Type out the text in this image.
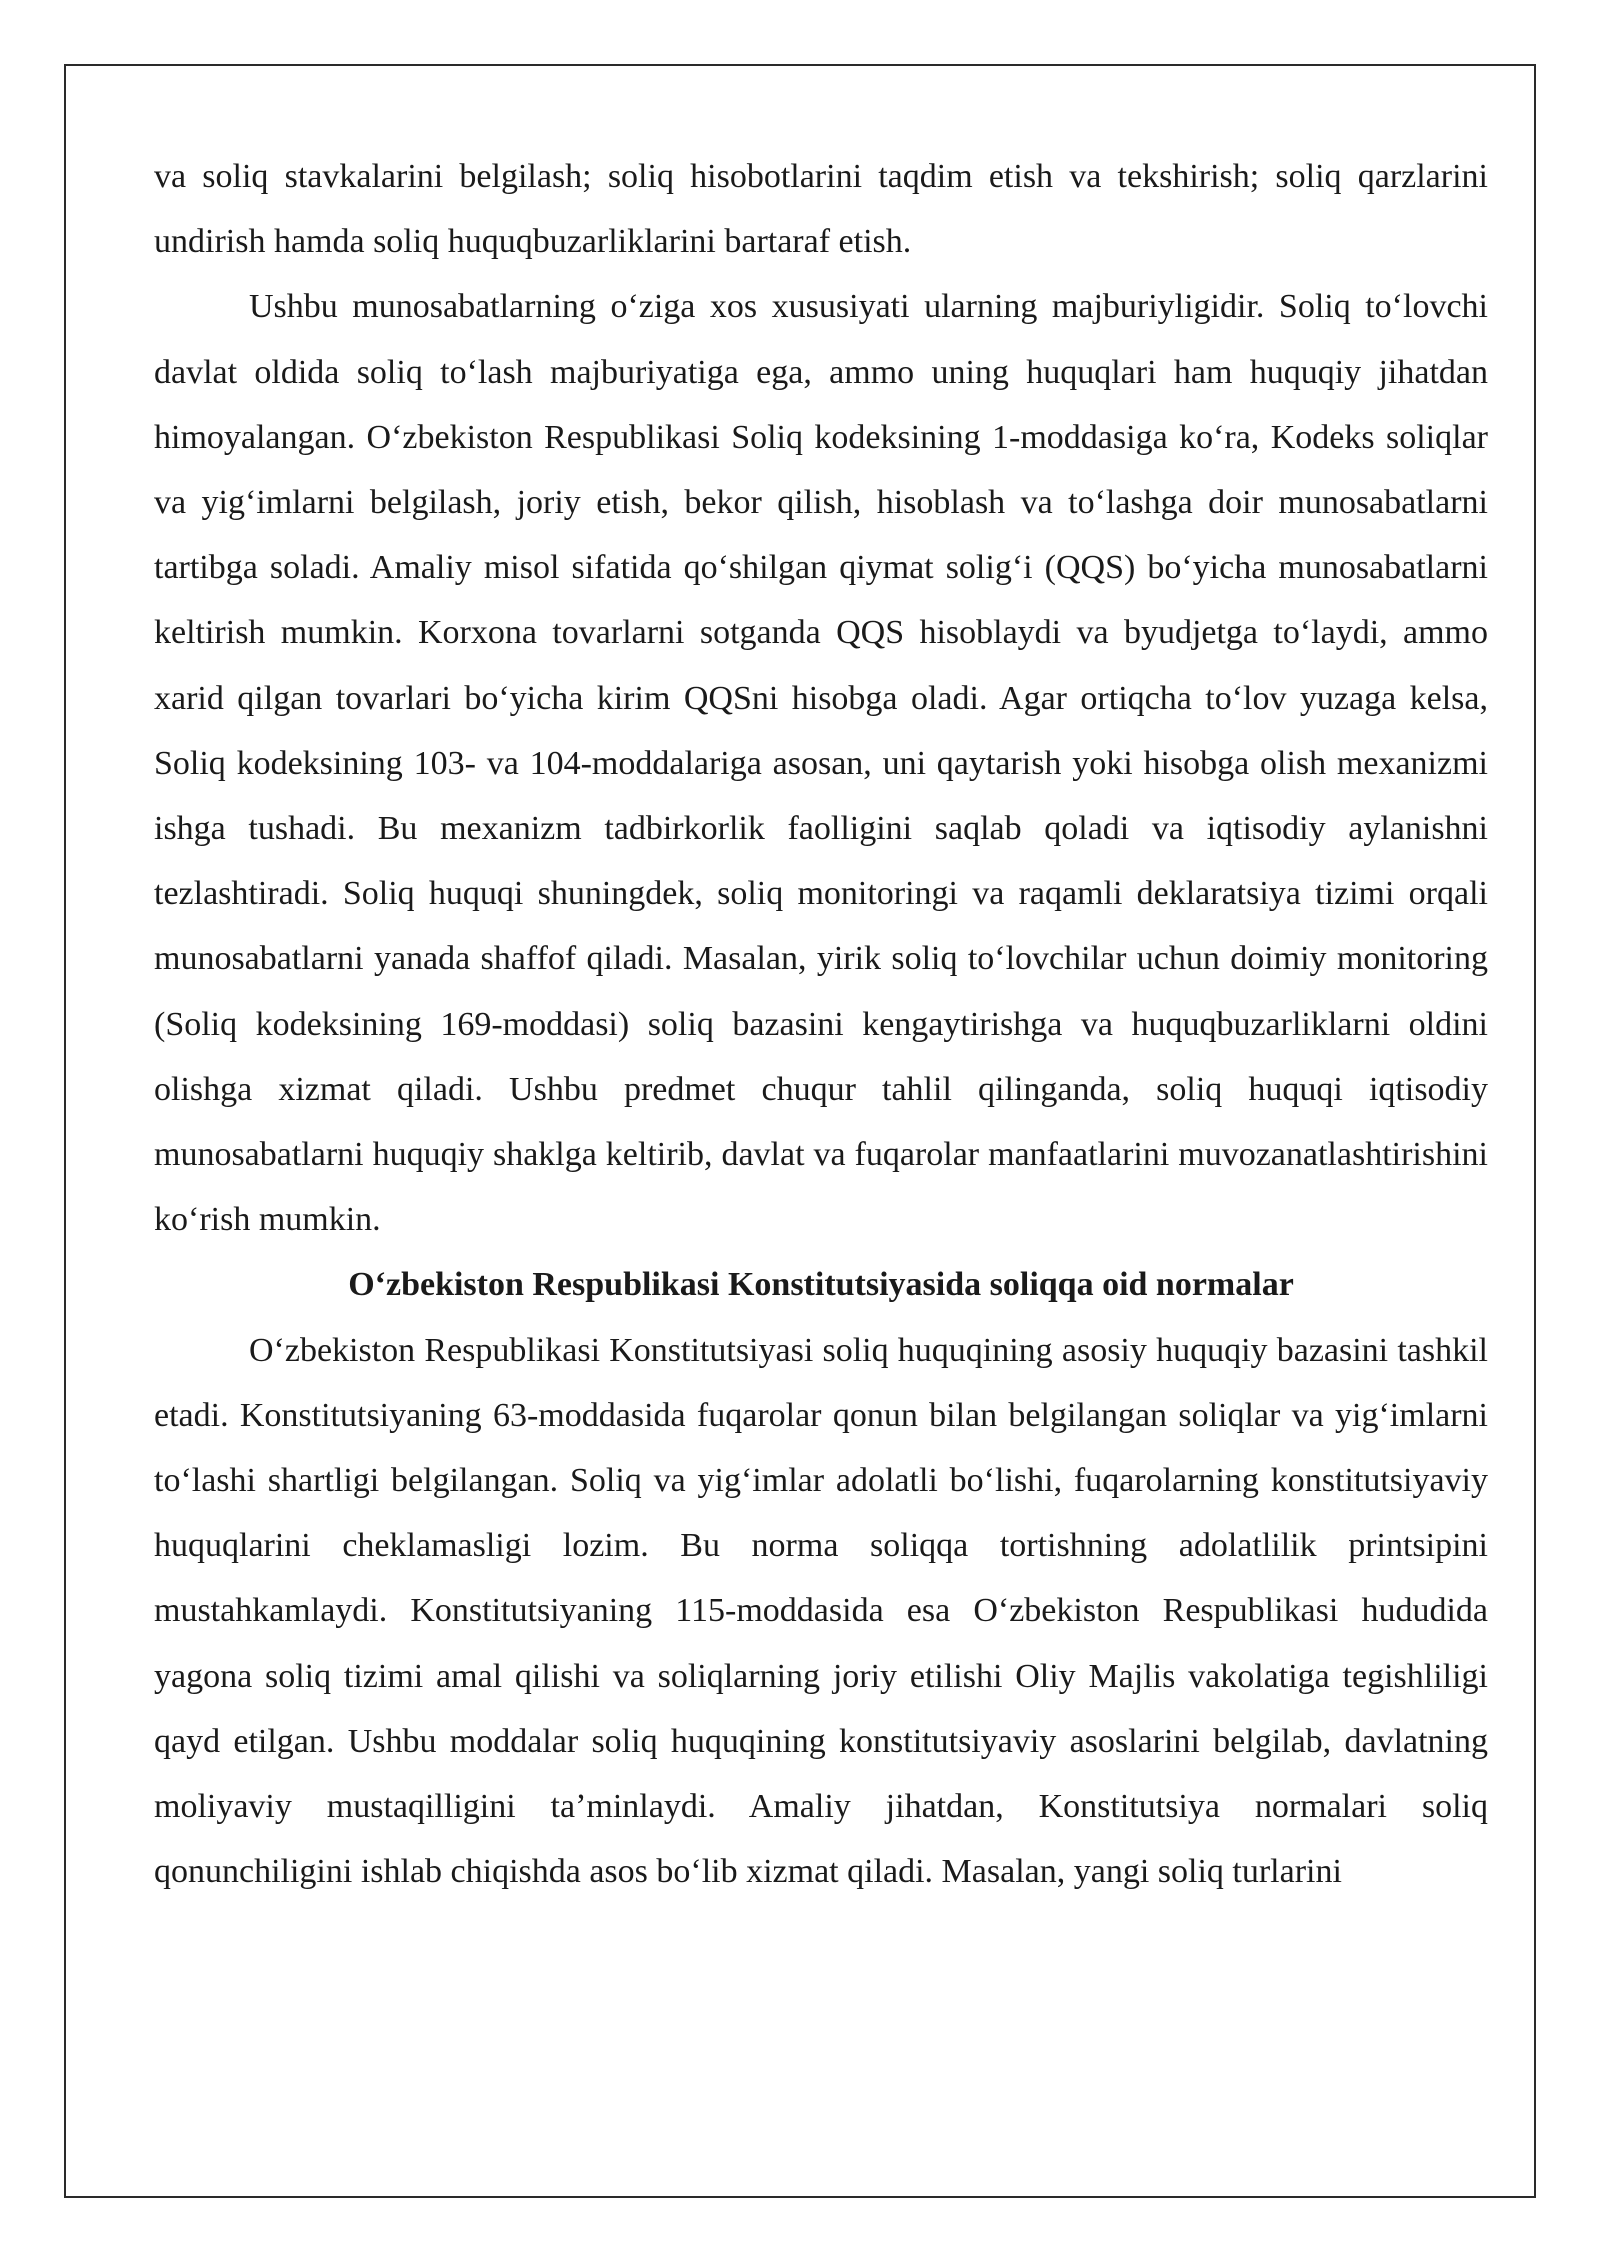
va soliq stavkalarini belgilash; soliq hisobotlarini taqdim etish va tekshirish; soliq qarzlarini undirish hamda soliq huquqbuzarliklarini bartaraf etish.

Ushbu munosabatlarning oʻziga xos xususiyati ularning majburiyligidir. Soliq toʻlovchi davlat oldida soliq toʻlash majburiyatiga ega, ammo uning huquqlari ham huquqiy jihatdan himoyalangan. Oʻzbekiston Respublikasi Soliq kodeksining 1-moddasiga koʻra, Kodeks soliqlar va yigʻimlarni belgilash, joriy etish, bekor qilish, hisoblash va toʻlashga doir munosabatlarni tartibga soladi. Amaliy misol sifatida qoʻshilgan qiymat soligʻi (QQS) boʻyicha munosabatlarni keltirish mumkin. Korxona tovarlarni sotganda QQS hisoblaydi va byudjetga toʻlaydi, ammo xarid qilgan tovarlari boʻyicha kirim QQSni hisobga oladi. Agar ortiqcha toʻlov yuzaga kelsa, Soliq kodeksining 103- va 104-moddalariga asosan, uni qaytarish yoki hisobga olish mexanizmi ishga tushadi. Bu mexanizm tadbirkorlik faolligini saqlab qoladi va iqtisodiy aylanishni tezlashtiradi. Soliq huquqi shuningdek, soliq monitoringi va raqamli deklaratsiya tizimi orqali munosabatlarni yanada shaffof qiladi. Masalan, yirik soliq toʻlovchilar uchun doimiy monitoring (Soliq kodeksining 169-moddasi) soliq bazasini kengaytirishga va huquqbuzarliklarni oldini olishga xizmat qiladi. Ushbu predmet chuqur tahlil qilinganda, soliq huquqi iqtisodiy munosabatlarni huquqiy shaklga keltirib, davlat va fuqarolar manfaatlarini muvozanatlashtirishini koʻrish mumkin.

Oʻzbekiston Respublikasi Konstitutsiyasida soliqqa oid normalar

Oʻzbekiston Respublikasi Konstitutsiyasi soliq huquqining asosiy huquqiy bazasini tashkil etadi. Konstitutsiyaning 63-moddasida fuqarolar qonun bilan belgilangan soliqlar va yigʻimlarni toʻlashi shartligi belgilangan. Soliq va yigʻimlar adolatli boʻlishi, fuqarolarning konstitutsiyaviy huquqlarini cheklamasligi lozim. Bu norma soliqqa tortishning adolatlilik printsipini mustahkamlaydi. Konstitutsiyaning 115-moddasida esa Oʻzbekiston Respublikasi hududida yagona soliq tizimi amal qilishi va soliqlarning joriy etilishi Oliy Majlis vakolatiga tegishliligi qayd etilgan. Ushbu moddalar soliq huquqining konstitutsiyaviy asoslarini belgilab, davlatning moliyaviy mustaqilligini taʼminlaydi. Amaliy jihatdan, Konstitutsiya normalari soliq qonunchiligini ishlab chiqishda asos boʻlib xizmat qiladi. Masalan, yangi soliq turlarini
